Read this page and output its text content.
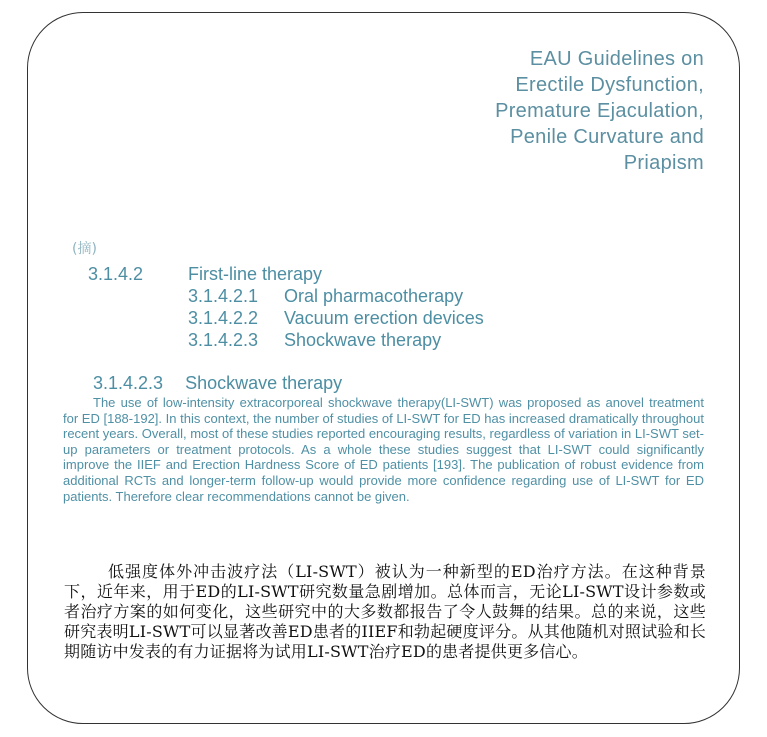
EAU Guidelines on
Erectile Dysfunction,
Premature Ejaculation,
Penile Curvature and
Priapism
(摘)
3.1.4.2 First-line therapy
3.1.4.2.1 Oral pharmacotherapy
3.1.4.2.2 Vacuum erection devices
3.1.4.2.3 Shockwave therapy
3.1.4.2.3 Shockwave therapy

The use of low-intensity extracorporeal shockwave therapy(LI-SWT) was proposed as anovel treatment for ED [188-192]. In this context, the number of studies of LI-SWT for ED has increased dramatically throughout recent years. Overall, most of these studies reported encouraging results, regardless of variation in LI-SWT set-up parameters or treatment protocols. As a whole these studies suggest that LI-SWT could significantly improve the IIEF and Erection Hardness Score of ED patients [193]. The publication of robust evidence from additional RCTs and longer-term follow-up would provide more confidence regarding use of LI-SWT for ED patients. Therefore clear recommendations cannot be given.

低强度体外冲击波疗法（LI-SWT）被认为一种新型的ED治疗方法。在这种背景下，近年来，用于ED的LI-SWT研究数量急剧增加。总体而言，无论LI-SWT设计参数或者治疗方案的如何变化，这些研究中的大多数都报告了令人鼓舞的结果。总的来说，这些研究表明LI-SWT可以显著改善ED患者的IIEF和勃起硬度评分。从其他随机对照试验和长期随访中发表的有力证据将为试用LI-SWT治疗ED的患者提供更多信心。
